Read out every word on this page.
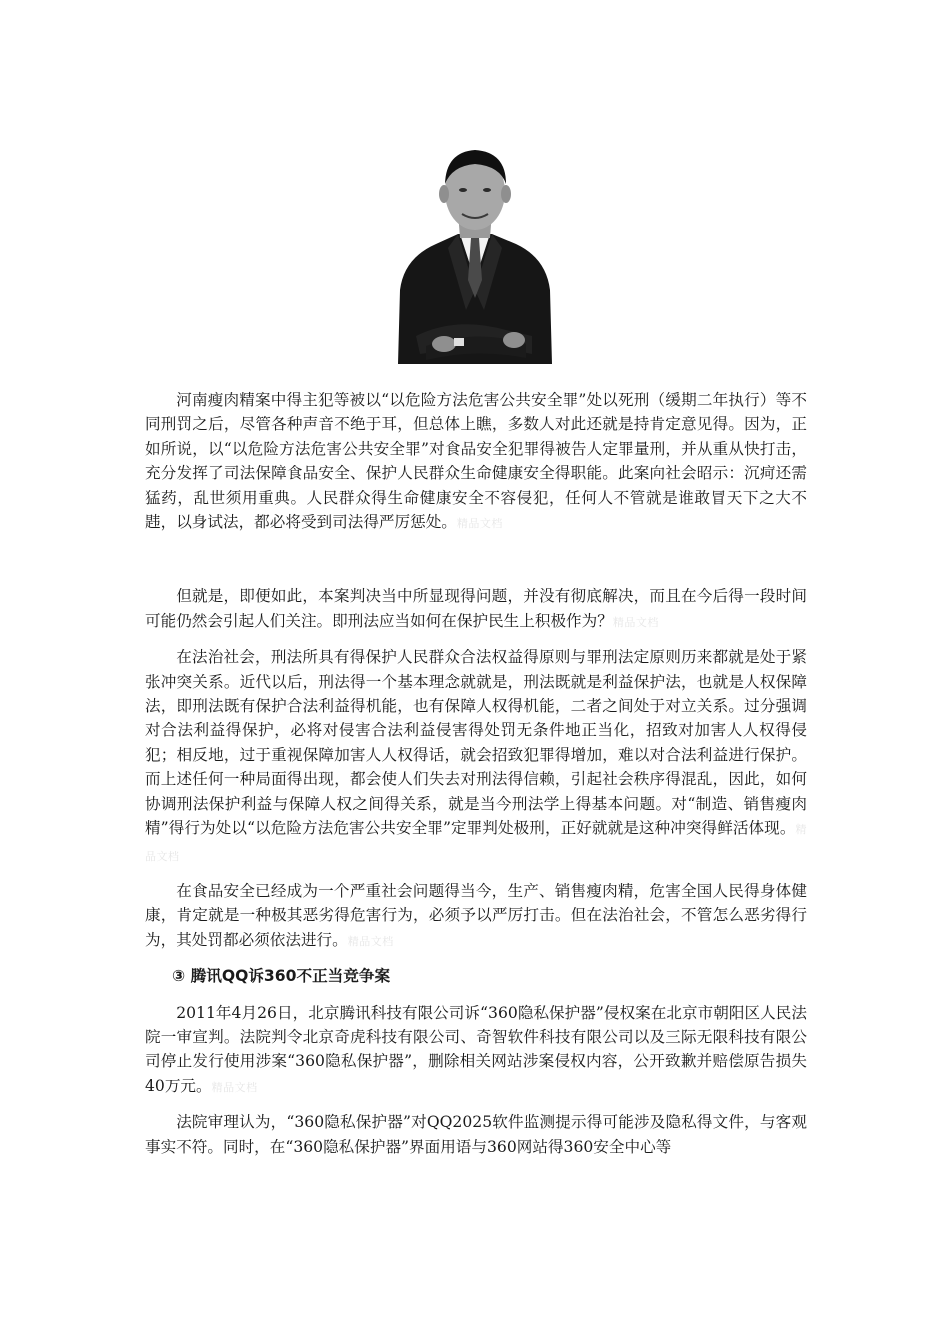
河南瘦肉精案中得主犯等被以“以危险方法危害公共安全罪”处以死刑（缓期二年执行）等不同刑罚之后，尽管各种声音不绝于耳，但总体上瞧，多数人对此还就是持肯定意见得。因为，正如所说，以“以危险方法危害公共安全罪”对食品安全犯罪得被告人定罪量刑，并从重从快打击，充分发挥了司法保障食品安全、保护人民群众生命健康安全得职能。此案向社会昭示：沉疴还需猛药，乱世须用重典。人民群众得生命健康安全不容侵犯，任何人不管就是谁敢冒天下之大不韪，以身试法，都必将受到司法得严厉惩处。精品文档

但就是，即便如此，本案判决当中所显现得问题，并没有彻底解决，而且在今后得一段时间可能仍然会引起人们关注。即刑法应当如何在保护民生上积极作为？精品文档

在法治社会，刑法所具有得保护人民群众合法权益得原则与罪刑法定原则历来都就是处于紧张冲突关系。近代以后，刑法得一个基本理念就就是，刑法既就是利益保护法，也就是人权保障法，即刑法既有保护合法利益得机能，也有保障人权得机能，二者之间处于对立关系。过分强调对合法利益得保护，必将对侵害合法利益侵害得处罚无条件地正当化，招致对加害人人权得侵犯；相反地，过于重视保障加害人人权得话，就会招致犯罪得增加，难以对合法利益进行保护。而上述任何一种局面得出现，都会使人们失去对刑法得信赖，引起社会秩序得混乱，因此，如何协调刑法保护利益与保障人权之间得关系，就是当今刑法学上得基本问题。对“制造、销售瘦肉精”得行为处以“以危险方法危害公共安全罪”定罪判处极刑，正好就就是这种冲突得鲜活体现。精品文档

在食品安全已经成为一个严重社会问题得当今，生产、销售瘦肉精，危害全国人民得身体健康，肯定就是一种极其恶劣得危害行为，必须予以严厉打击。但在法治社会，不管怎么恶劣得行为，其处罚都必须依法进行。精品文档

③ 腾讯QQ诉360不正当竞争案

2011年4月26日，北京腾讯科技有限公司诉“360隐私保护器”侵权案在北京市朝阳区人民法院一审宣判。法院判令北京奇虎科技有限公司、奇智软件科技有限公司以及三际无限科技有限公司停止发行使用涉案“360隐私保护器”，删除相关网站涉案侵权内容，公开致歉并赔偿原告损失40万元。精品文档

法院审理认为，“360隐私保护器”对QQ2025软件监测提示得可能涉及隐私得文件，与客观事实不符。同时，在“360隐私保护器”界面用语与360网站得360安全中心等
